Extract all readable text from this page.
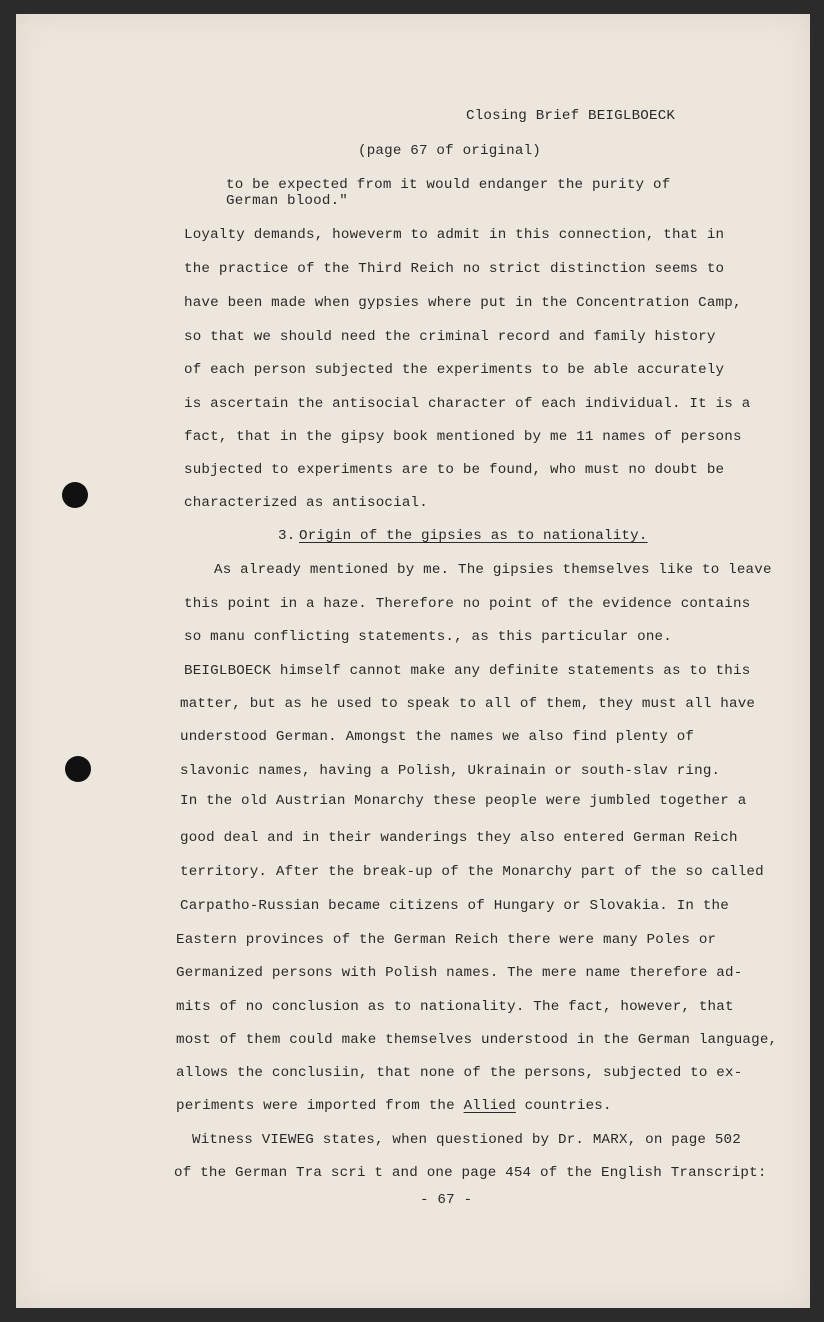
Closing Brief BEIGLBOECK
(page 67 of original)
to be expected from it would endanger the purity of
German blood."
Loyalty demands, howeverm to admit in this connection, that in
the practice of the Third Reich no strict distinction seems to
have been made when gypsies where put in the Concentration Camp,
so that we should need the criminal record and family history
of each person subjected the experiments to be able accurately
is ascertain the antisocial character of each individual. It is a
fact, that in the gipsy book mentioned by me 11 names of persons
subjected to experiments are to be found, who must no doubt be
characterized as antisocial.
3. Origin of the gipsies as to nationality.
As already mentioned by me. The gipsies themselves like to leave
this point in a haze. Therefore no point of the evidence contains
so manu conflicting statements., as this particular one.
BEIGLBOECK himself cannot make any definite statements as to this
matter, but as he used to speak to all of them, they must all have
understood German. Amongst the names we also find plenty of
slavonic names, having a Polish, Ukrainain or south-slav ring.
In the old Austrian Monarchy these people were jumbled together a
good deal and in their wanderings they also entered German Reich
territory. After the break-up of the Monarchy part of the so called
Carpatho-Russian became citizens of Hungary or Slovakia. In the
Eastern provinces of the German Reich there were many Poles or
Germanized persons with Polish names. The mere name therefore ad-
mits of no conclusion as to nationality. The fact, however, that
most of them could make themselves understood in the German language,
allows the conclusiin, that none of the persons, subjected to ex-
periments were imported from the Allied countries.
Witness VIEWEG states, when questioned by Dr. MARX, on page 502
of the German Tra scri t and one page 454 of the English Transcript:
- 67 -
